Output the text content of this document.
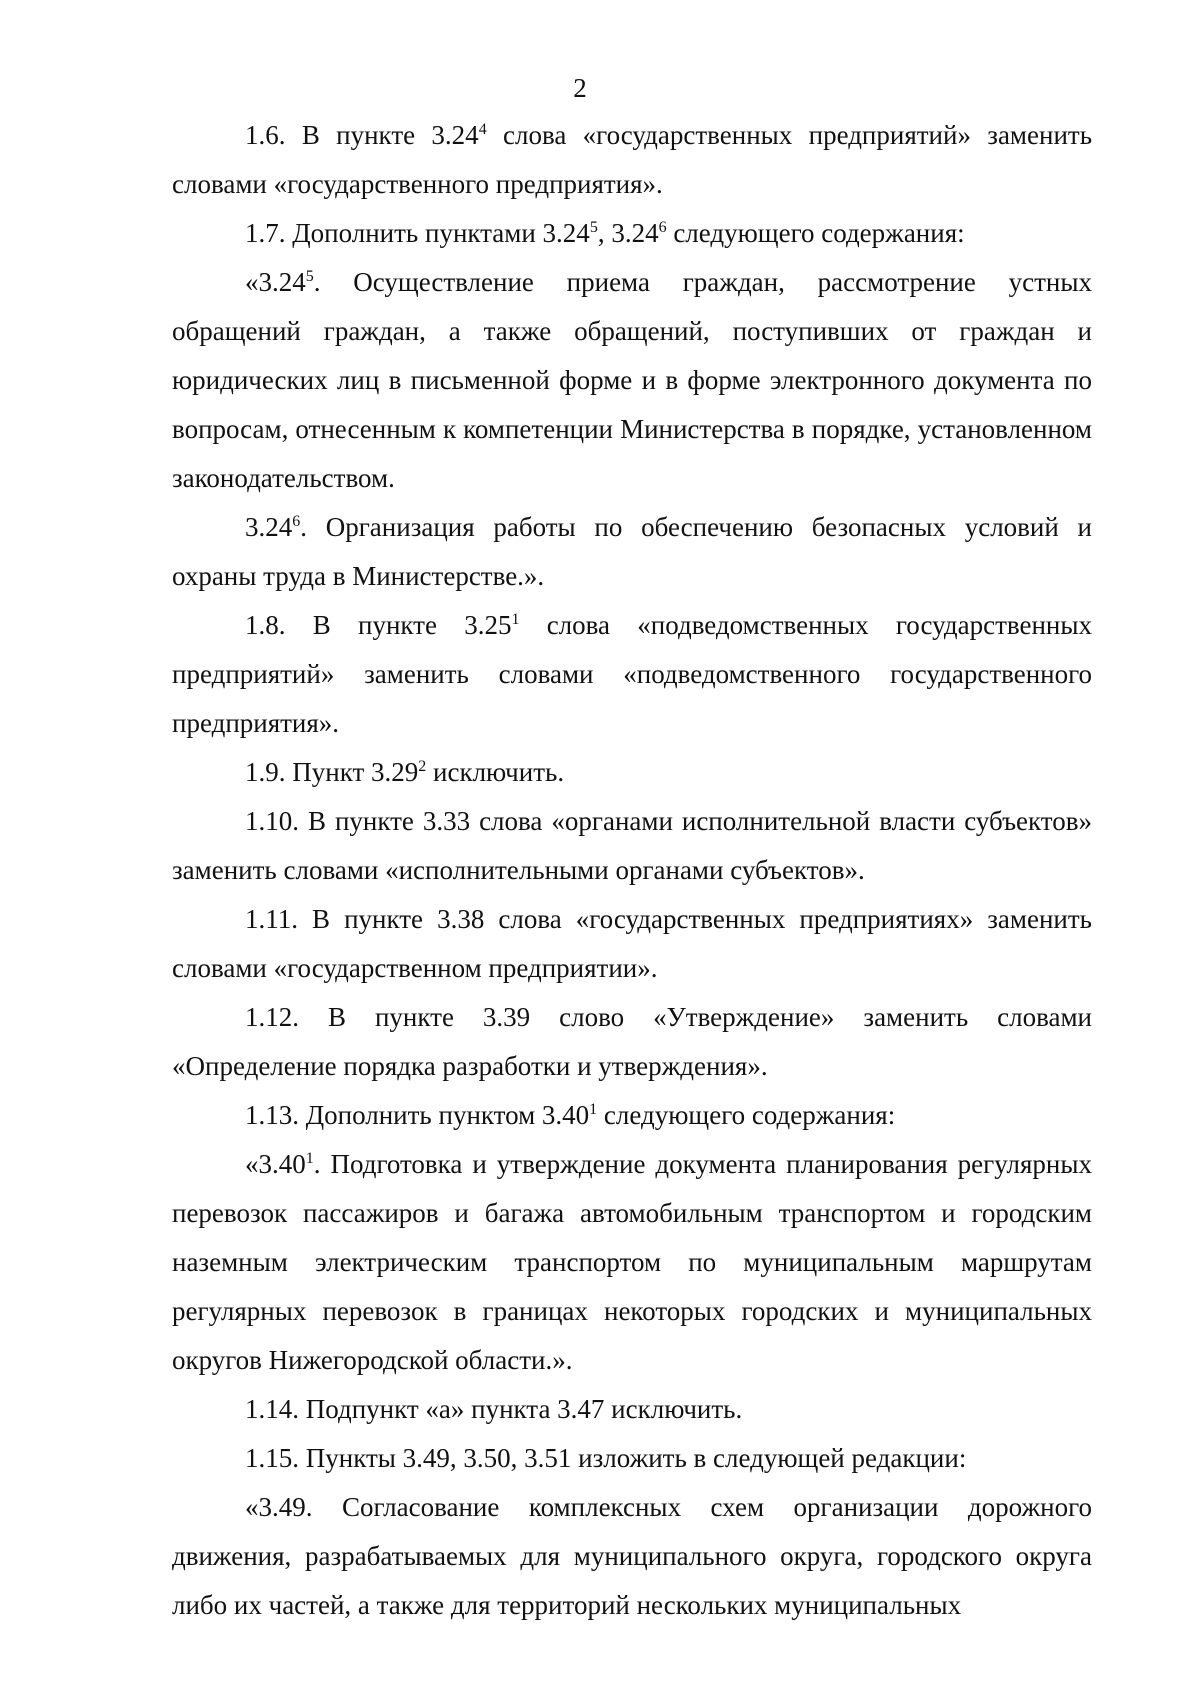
2

1.6. В пункте 3.24$^4$ слова «государственных предприятий» заменить словами «государственного предприятия».

1.7. Дополнить пунктами 3.24$^5$, 3.24$^6$ следующего содержания:

«3.24$^5$. Осуществление приема граждан, рассмотрение устных обращений граждан, а также обращений, поступивших от граждан и юридических лиц в письменной форме и в форме электронного документа по вопросам, отнесенным к компетенции Министерства в порядке, установленном законодательством.

3.24$^6$. Организация работы по обеспечению безопасных условий и охраны труда в Министерстве.».

1.8. В пункте 3.25$^1$ слова «подведомственных государственных предприятий» заменить словами «подведомственного государственного предприятия».

1.9. Пункт 3.29$^2$ исключить.

1.10. В пункте 3.33 слова «органами исполнительной власти субъектов» заменить словами «исполнительными органами субъектов».

1.11. В пункте 3.38 слова «государственных предприятиях» заменить словами «государственном предприятии».

1.12. В пункте 3.39 слово «Утверждение» заменить словами «Определение порядка разработки и утверждения».

1.13. Дополнить пунктом 3.40$^1$ следующего содержания:

«3.40$^1$. Подготовка и утверждение документа планирования регулярных перевозок пассажиров и багажа автомобильным транспортом и городским наземным электрическим транспортом по муниципальным маршрутам регулярных перевозок в границах некоторых городских и муниципальных округов Нижегородской области.».

1.14. Подпункт «а» пункта 3.47 исключить.

1.15. Пункты 3.49, 3.50, 3.51 изложить в следующей редакции:

«3.49. Согласование комплексных схем организации дорожного движения, разрабатываемых для муниципального округа, городского округа либо их частей, а также для территорий нескольких муниципальных
